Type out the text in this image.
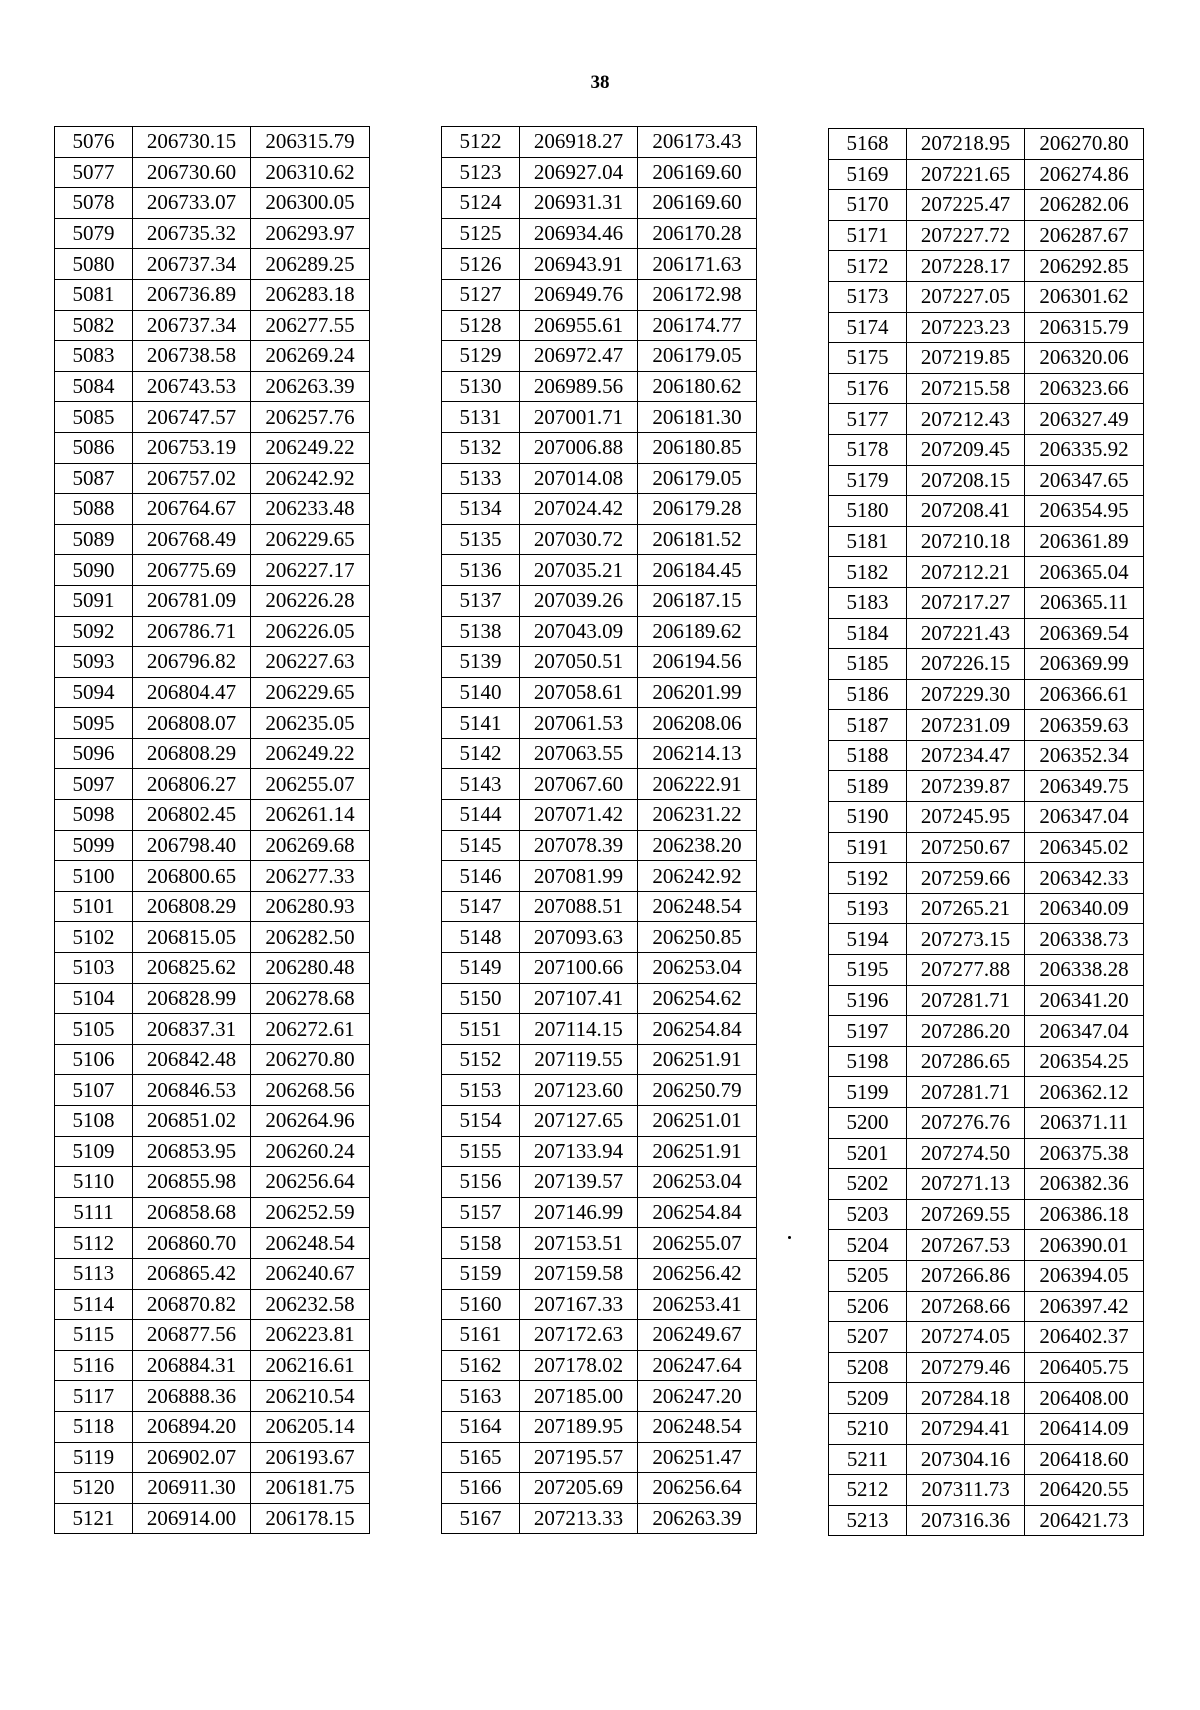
38
5076	206730.15	206315.79
5077	206730.60	206310.62
5078	206733.07	206300.05
5079	206735.32	206293.97
5080	206737.34	206289.25
5081	206736.89	206283.18
5082	206737.34	206277.55
5083	206738.58	206269.24
5084	206743.53	206263.39
5085	206747.57	206257.76
5086	206753.19	206249.22
5087	206757.02	206242.92
5088	206764.67	206233.48
5089	206768.49	206229.65
5090	206775.69	206227.17
5091	206781.09	206226.28
5092	206786.71	206226.05
5093	206796.82	206227.63
5094	206804.47	206229.65
5095	206808.07	206235.05
5096	206808.29	206249.22
5097	206806.27	206255.07
5098	206802.45	206261.14
5099	206798.40	206269.68
5100	206800.65	206277.33
5101	206808.29	206280.93
5102	206815.05	206282.50
5103	206825.62	206280.48
5104	206828.99	206278.68
5105	206837.31	206272.61
5106	206842.48	206270.80
5107	206846.53	206268.56
5108	206851.02	206264.96
5109	206853.95	206260.24
5110	206855.98	206256.64
5111	206858.68	206252.59
5112	206860.70	206248.54
5113	206865.42	206240.67
5114	206870.82	206232.58
5115	206877.56	206223.81
5116	206884.31	206216.61
5117	206888.36	206210.54
5118	206894.20	206205.14
5119	206902.07	206193.67
5120	206911.30	206181.75
5121	206914.00	206178.15
5122	206918.27	206173.43
5123	206927.04	206169.60
5124	206931.31	206169.60
5125	206934.46	206170.28
5126	206943.91	206171.63
5127	206949.76	206172.98
5128	206955.61	206174.77
5129	206972.47	206179.05
5130	206989.56	206180.62
5131	207001.71	206181.30
5132	207006.88	206180.85
5133	207014.08	206179.05
5134	207024.42	206179.28
5135	207030.72	206181.52
5136	207035.21	206184.45
5137	207039.26	206187.15
5138	207043.09	206189.62
5139	207050.51	206194.56
5140	207058.61	206201.99
5141	207061.53	206208.06
5142	207063.55	206214.13
5143	207067.60	206222.91
5144	207071.42	206231.22
5145	207078.39	206238.20
5146	207081.99	206242.92
5147	207088.51	206248.54
5148	207093.63	206250.85
5149	207100.66	206253.04
5150	207107.41	206254.62
5151	207114.15	206254.84
5152	207119.55	206251.91
5153	207123.60	206250.79
5154	207127.65	206251.01
5155	207133.94	206251.91
5156	207139.57	206253.04
5157	207146.99	206254.84
5158	207153.51	206255.07
5159	207159.58	206256.42
5160	207167.33	206253.41
5161	207172.63	206249.67
5162	207178.02	206247.64
5163	207185.00	206247.20
5164	207189.95	206248.54
5165	207195.57	206251.47
5166	207205.69	206256.64
5167	207213.33	206263.39
5168	207218.95	206270.80
5169	207221.65	206274.86
5170	207225.47	206282.06
5171	207227.72	206287.67
5172	207228.17	206292.85
5173	207227.05	206301.62
5174	207223.23	206315.79
5175	207219.85	206320.06
5176	207215.58	206323.66
5177	207212.43	206327.49
5178	207209.45	206335.92
5179	207208.15	206347.65
5180	207208.41	206354.95
5181	207210.18	206361.89
5182	207212.21	206365.04
5183	207217.27	206365.11
5184	207221.43	206369.54
5185	207226.15	206369.99
5186	207229.30	206366.61
5187	207231.09	206359.63
5188	207234.47	206352.34
5189	207239.87	206349.75
5190	207245.95	206347.04
5191	207250.67	206345.02
5192	207259.66	206342.33
5193	207265.21	206340.09
5194	207273.15	206338.73
5195	207277.88	206338.28
5196	207281.71	206341.20
5197	207286.20	206347.04
5198	207286.65	206354.25
5199	207281.71	206362.12
5200	207276.76	206371.11
5201	207274.50	206375.38
5202	207271.13	206382.36
5203	207269.55	206386.18
5204	207267.53	206390.01
5205	207266.86	206394.05
5206	207268.66	206397.42
5207	207274.05	206402.37
5208	207279.46	206405.75
5209	207284.18	206408.00
5210	207294.41	206414.09
5211	207304.16	206418.60
5212	207311.73	206420.55
5213	207316.36	206421.73
